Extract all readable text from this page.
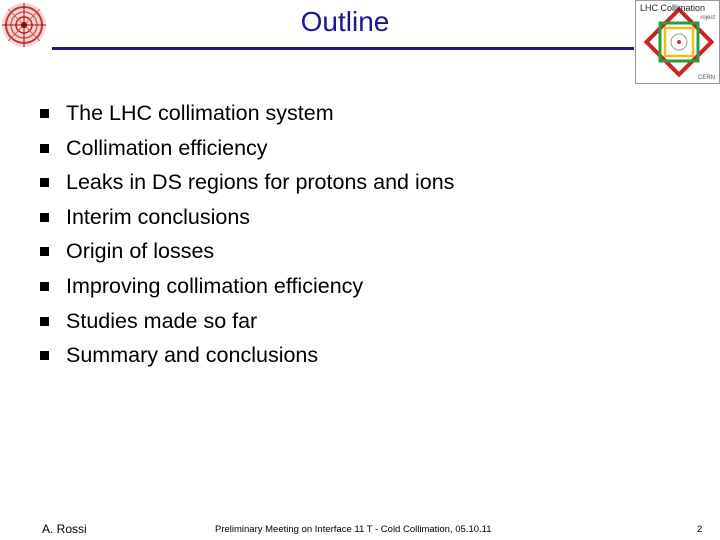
Outline	LHC Collimation
roject
CERN
The LHC collimation system
Collimation efficiency
Leaks in DS regions for protons and ions
Interim conclusions
Origin of losses
Improving collimation efficiency
Studies made so far
Summary and conclusions
A. Rossi	Preliminary Meeting on Interface 11 T - Cold Collimation, 05.10.11	2
